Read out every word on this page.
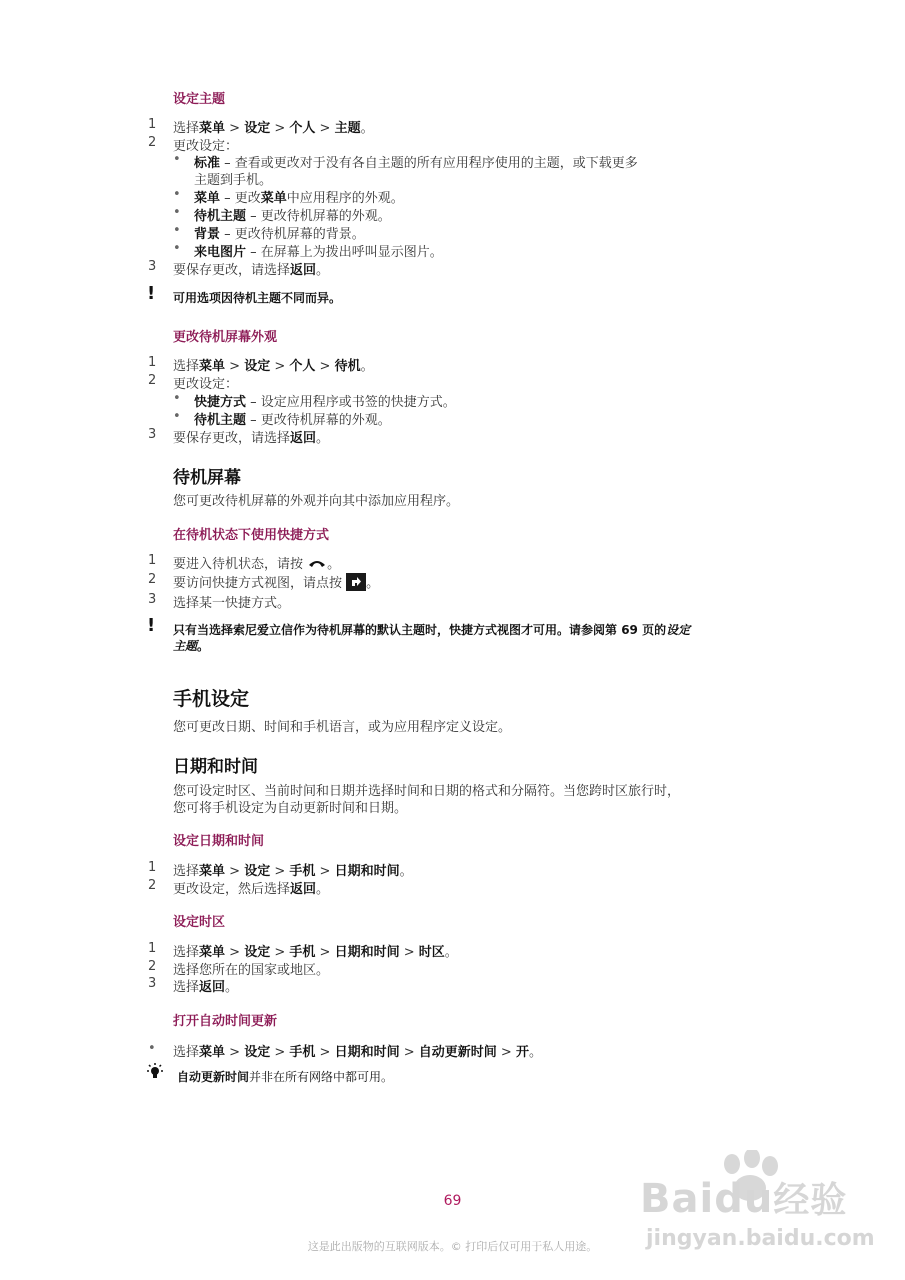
设定主题
1 选择菜单 > 设定 > 个人 > 主题。
2 更改设定：
• 标准 – 查看或更改对于没有各自主题的所有应用程序使用的主题，或下载更多
主题到手机。
• 菜单 – 更改菜单中应用程序的外观。
• 待机主题 – 更改待机屏幕的外观。
• 背景 – 更改待机屏幕的背景。
• 来电图片 – 在屏幕上为拨出呼叫显示图片。
3 要保存更改，请选择返回。
! 可用选项因待机主题不同而异。
更改待机屏幕外观
1 选择菜单 > 设定 > 个人 > 待机。
2 更改设定：
• 快捷方式 – 设定应用程序或书签的快捷方式。
• 待机主题 – 更改待机屏幕的外观。
3 要保存更改，请选择返回。
待机屏幕
您可更改待机屏幕的外观并向其中添加应用程序。
在待机状态下使用快捷方式
1 要进入待机状态，请按 。
2 要访问快捷方式视图，请点按 。
3 选择某一快捷方式。
! 只有当选择索尼爱立信作为待机屏幕的默认主题时，快捷方式视图才可用。请参阅第 69 页的设定
主题。
手机设定
您可更改日期、时间和手机语言，或为应用程序定义设定。
日期和时间
您可设定时区、当前时间和日期并选择时间和日期的格式和分隔符。当您跨时区旅行时，
您可将手机设定为自动更新时间和日期。
设定日期和时间
1 选择菜单 > 设定 > 手机 > 日期和时间。
2 更改设定，然后选择返回。
设定时区
1 选择菜单 > 设定 > 手机 > 日期和时间 > 时区。
2 选择您所在的国家或地区。
3 选择返回。
打开自动时间更新
• 选择菜单 > 设定 > 手机 > 日期和时间 > 自动更新时间 > 开。
自动更新时间并非在所有网络中都可用。
69
这是此出版物的互联网版本。© 打印后仅可用于私人用途。
Baidu经验
jingyan.baidu.com
